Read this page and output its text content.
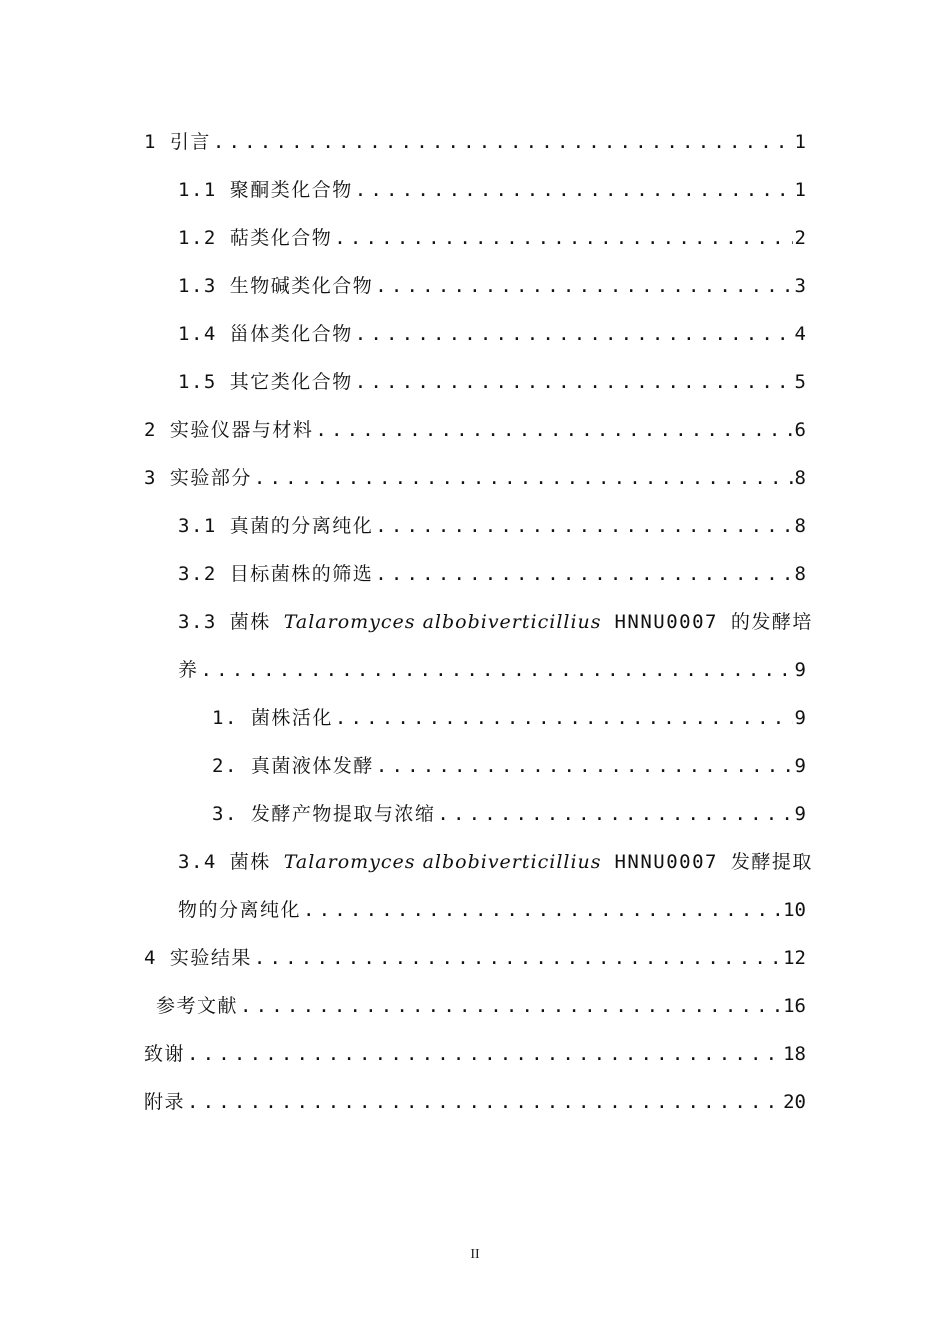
1 引言 .....	1
1.1 聚酮类化合物 .....	1
1.2 萜类化合物 .....	2
1.3 生物碱类化合物 .....	3
1.4 甾体类化合物 .....	4
1.5 其它类化合物 .....	5
2 实验仪器与材料 .....	6
3 实验部分 .....	8
3.1 真菌的分离纯化 .....	8
3.2 目标菌株的筛选 .....	8
3.3 菌株 Talaromyces albobiverticillius HNNU0007 的发酵培
养 .....	9
1. 菌株活化 .....	9
2. 真菌液体发酵 .....	9
3. 发酵产物提取与浓缩 .....	9
3.4 菌株 Talaromyces albobiverticillius HNNU0007 发酵提取
物的分离纯化 .....	10
4 实验结果 .....	12
参考文献 .....	16
致谢 .....	18
附录 .....	20
II
